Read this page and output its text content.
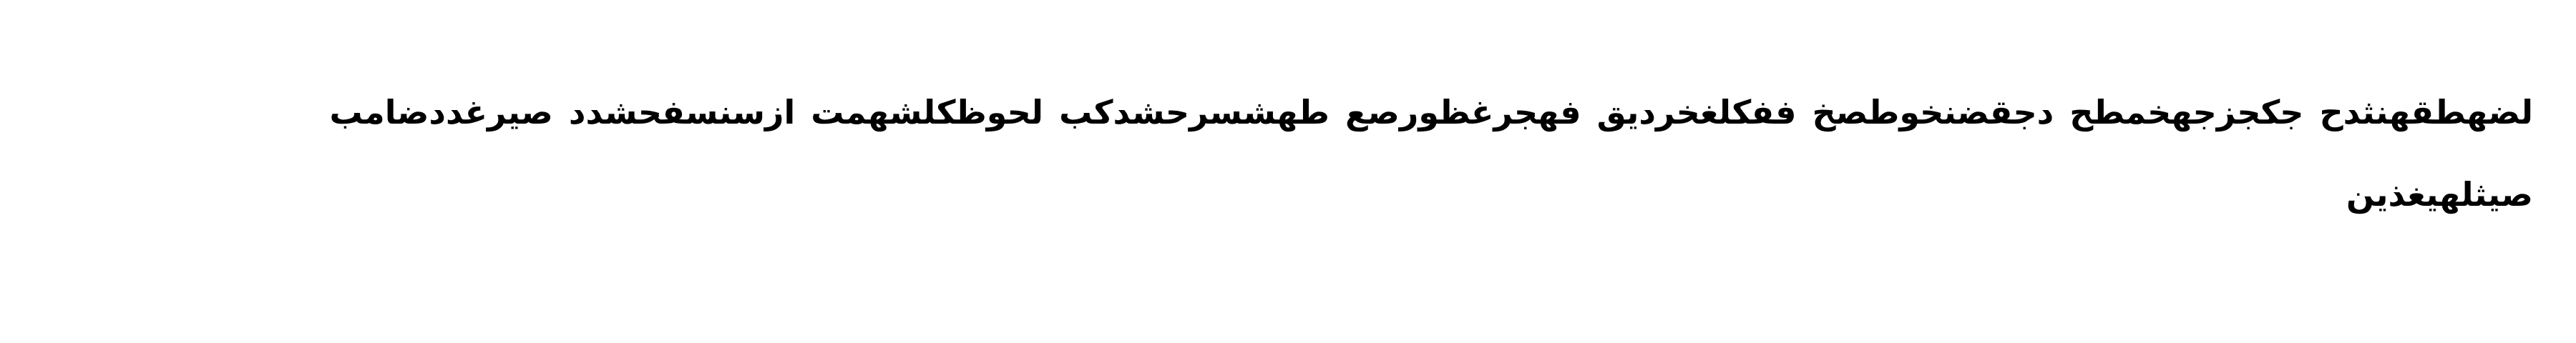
لضهطقهنثدح جكجزجهخمطح دجقضنخوطصخ ففكلغخرديق فهجرغظورصع طهشسرحشدكب لحوظكلشهمت ازسنسفحشدد صيرغددضامب صيثلهيغذين
